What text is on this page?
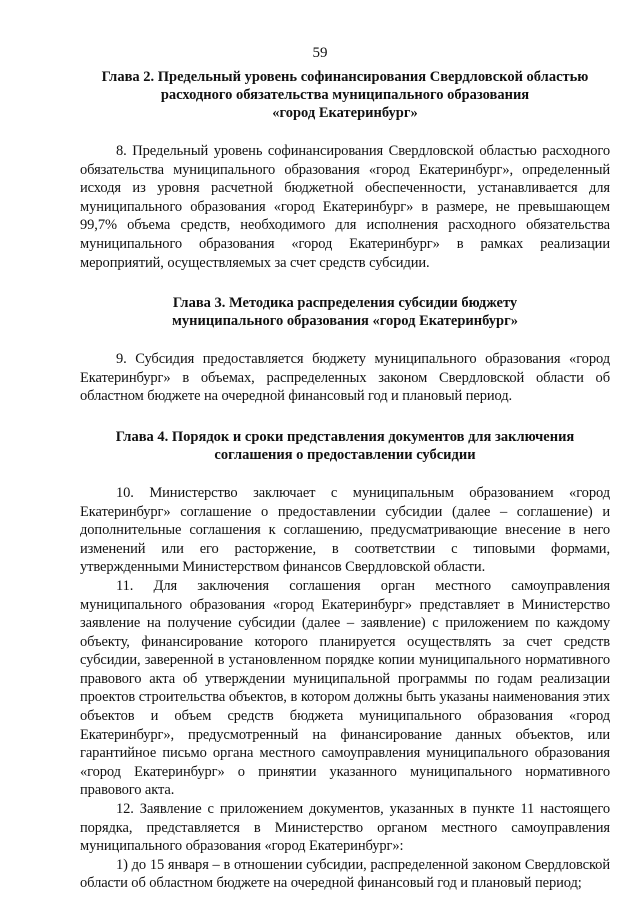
59
Глава 2. Предельный уровень софинансирования Свердловской областью
расходного обязательства муниципального образования
«город Екатеринбург»

8. Предельный уровень софинансирования Свердловской областью расходного обязательства муниципального образования «город Екатеринбург», определенный исходя из уровня расчетной бюджетной обеспеченности, устанавливается для муниципального образования «город Екатеринбург» в размере, не превышающем 99,7% объема средств, необходимого для исполнения расходного обязательства муниципального образования «город Екатеринбург» в рамках реализации мероприятий, осуществляемых за счет средств субсидии.

Глава 3. Методика распределения субсидии бюджету
муниципального образования «город Екатеринбург»

9. Субсидия предоставляется бюджету муниципального образования «город Екатеринбург» в объемах, распределенных законом Свердловской области об областном бюджете на очередной финансовый год и плановый период.

Глава 4. Порядок и сроки представления документов для заключения
соглашения о предоставлении субсидии

10. Министерство заключает с муниципальным образованием «город Екатеринбург» соглашение о предоставлении субсидии (далее – соглашение) и дополнительные соглашения к соглашению, предусматривающие внесение в него изменений или его расторжение, в соответствии с типовыми формами, утвержденными Министерством финансов Свердловской области.

11. Для заключения соглашения орган местного самоуправления муниципального образования «город Екатеринбург» представляет в Министерство заявление на получение субсидии (далее – заявление) с приложением по каждому объекту, финансирование которого планируется осуществлять за счет средств субсидии, заверенной в установленном порядке копии муниципального нормативного правового акта об утверждении муниципальной программы по годам реализации проектов строительства объектов, в котором должны быть указаны наименования этих объектов и объем средств бюджета муниципального образования «город Екатеринбург», предусмотренный на финансирование данных объектов, или гарантийное письмо органа местного самоуправления муниципального образования «город Екатеринбург» о принятии указанного муниципального нормативного правового акта.

12. Заявление с приложением документов, указанных в пункте 11 настоящего порядка, представляется в Министерство органом местного самоуправления муниципального образования «город Екатеринбург»:

1) до 15 января – в отношении субсидии, распределенной законом Свердловской области об областном бюджете на очередной финансовый год и плановый период;
